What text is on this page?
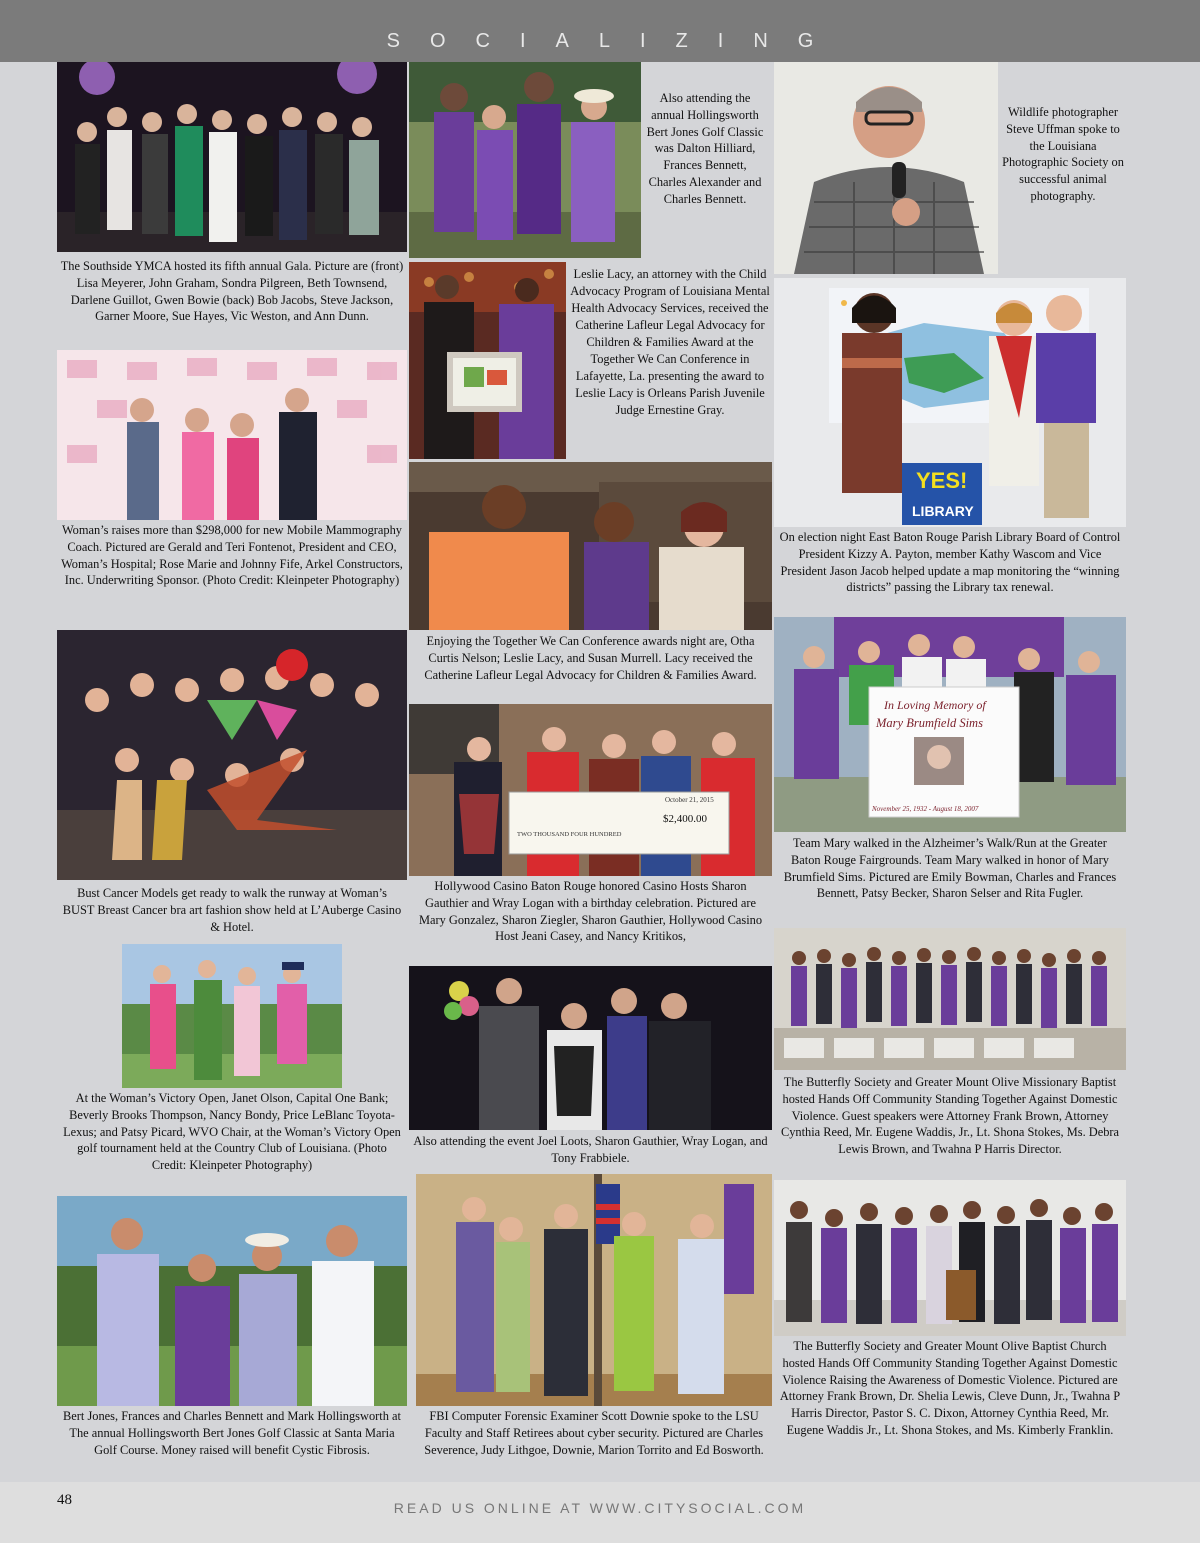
SOCIALIZING
The Southside YMCA hosted its fifth annual Gala. Picture are (front) Lisa Meyerer, John Graham, Sondra Pilgreen, Beth Townsend, Darlene Guillot, Gwen Bowie (back) Bob Jacobs, Steve Jackson, Garner Moore, Sue Hayes, Vic Weston, and Ann Dunn.
Woman’s raises more than $298,000 for new Mobile Mammography Coach. Pictured are Gerald and Teri Fontenot, President and CEO, Woman’s Hospital; Rose Marie and Johnny Fife, Arkel Constructors, Inc. Underwriting Sponsor. (Photo Credit: Kleinpeter Photography)
Bust Cancer Models get ready to walk the runway at Woman’s BUST Breast Cancer bra art fashion show held at L’Auberge Casino & Hotel.
At the Woman’s Victory Open, Janet Olson, Capital One Bank; Beverly Brooks Thompson, Nancy Bondy, Price LeBlanc Toyota-Lexus; and Patsy Picard, WVO Chair, at the Woman’s Victory Open golf tournament held at the Country Club of Louisiana. (Photo Credit: Kleinpeter Photography)
Bert Jones, Frances and Charles Bennett and Mark Hollingsworth at The annual Hollingsworth Bert Jones Golf Classic at Santa Maria Golf Course. Money raised will benefit Cystic Fibrosis.
Also attending the annual Hollingsworth Bert Jones Golf Classic was Dalton Hilliard, Frances Bennett, Charles Alexander and Charles Bennett.
Leslie Lacy, an attorney with the Child Advocacy Program of Louisiana Mental Health Advocacy Services, received the Catherine Lafleur Legal Advocacy for Children & Families Award at the Together We Can Conference in Lafayette, La. presenting the award to Leslie Lacy is Orleans Parish Juvenile Judge Ernestine Gray.
Enjoying the Together We Can Conference awards night are, Otha Curtis Nelson; Leslie Lacy, and Susan Murrell. Lacy received the Catherine Lafleur Legal Advocacy for Children & Families Award.
October 21, 2015
$2,400.00
TWO THOUSAND FOUR HUNDRED
Hollywood Casino Baton Rouge honored Casino Hosts Sharon Gauthier and Wray Logan with a birthday celebration. Pictured are Mary Gonzalez, Sharon Ziegler, Sharon Gauthier, Hollywood Casino Host Jeani Casey, and Nancy Kritikos,
Also attending the event Joel Loots, Sharon Gauthier, Wray Logan, and Tony Frabbiele.
FBI Computer Forensic Examiner Scott Downie spoke to the LSU Faculty and Staff Retirees about cyber security. Pictured are Charles Severence, Judy Lithgoe, Downie, Marion Torrito and Ed Bosworth.
Wildlife photographer Steve Uffman spoke to the Louisiana Photographic Society on successful animal photography.
YES!
LIBRARY
On election night East Baton Rouge Parish Library Board of Control President Kizzy A. Payton, member Kathy Wascom and Vice President Jason Jacob helped update a map monitoring the “winning districts” passing the Library tax renewal.
In Loving Memory of
Mary Brumfield Sims
November 25, 1932 - August 18, 2007
Team Mary walked in the Alzheimer’s Walk/Run at the Greater Baton Rouge Fairgrounds. Team Mary walked in honor of Mary Brumfield Sims. Pictured are Emily Bowman, Charles and Frances Bennett, Patsy Becker, Sharon Selser and Rita Fugler.
The Butterfly Society and Greater Mount Olive Missionary Baptist hosted Hands Off Community Standing Together Against Domestic Violence. Guest speakers were Attorney Frank Brown, Attorney Cynthia Reed, Mr. Eugene Waddis, Jr., Lt. Shona Stokes, Ms. Debra Lewis Brown, and Twahna P Harris Director.
The Butterfly Society and Greater Mount Olive Baptist Church hosted Hands Off Community Standing Together Against Domestic Violence Raising the Awareness of Domestic Violence. Pictured are Attorney Frank Brown, Dr. Shelia Lewis, Cleve Dunn, Jr., Twahna P Harris Director, Pastor S. C. Dixon, Attorney Cynthia Reed, Mr. Eugene Waddis Jr., Lt. Shona Stokes, and Ms. Kimberly Franklin.
48	READ US ONLINE AT WWW.CITYSOCIAL.COM
